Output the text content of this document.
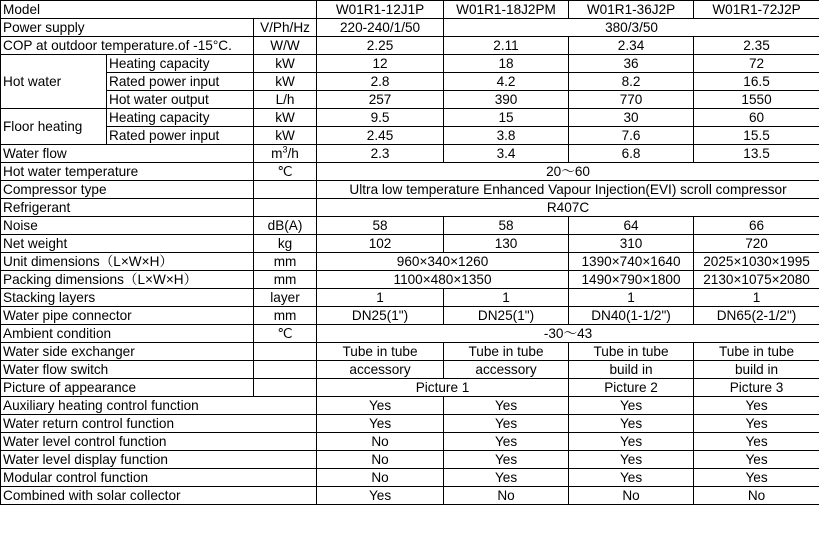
Model			W01R1-12J1P	W01R1-18J2PM	W01R1-36J2P	W01R1-72J2P
Power supply		V/Ph/Hz	220-240/1/50	380/3/50		
COP at outdoor temperature.of -15°C.		W/W	2.25	2.11	2.34	2.35
Hot water	Heating capacity	kW	12	18	36	72
	Rated power input	kW	2.8	4.2	8.2	16.5
	Hot water output	L/h	257	390	770	1550
Floor heating	Heating capacity	kW	9.5	15	30	60
	Rated power input	kW	2.45	3.8	7.6	15.5
Water flow		$m^3/h$	2.3	3.4	6.8	13.5
Hot water temperature		℃	20～60			
Compressor type			Ultra low temperature Enhanced Vapour Injection(EVI) scroll compressor			
Refrigerant			R407C			
Noise		dB(A)	58	58	64	66
Net weight		kg	102	130	310	720
Unit dimensions（L×W×H）		mm	960×340×1260		1390×740×1640	2025×1030×1995
Packing dimensions（L×W×H）		mm	1100×480×1350		1490×790×1800	2130×1075×2080
Stacking layers		layer	1	1	1	1
Water pipe connector		mm	DN25(1")	DN25(1")	DN40(1-1/2")	DN65(2-1/2")
Ambient condition		℃	-30～43			
Water side exchanger			Tube in tube	Tube in tube	Tube in tube	Tube in tube
Water flow switch			accessory	accessory	build in	build in
Picture of appearance			Picture 1		Picture 2	Picture 3
Auxiliary heating control function			Yes	Yes	Yes	Yes
Water return control function			Yes	Yes	Yes	Yes
Water level control function			No	Yes	Yes	Yes
Water level display function			No	Yes	Yes	Yes
Modular control function			No	Yes	Yes	Yes
Combined with solar collector			Yes	No	No	No
